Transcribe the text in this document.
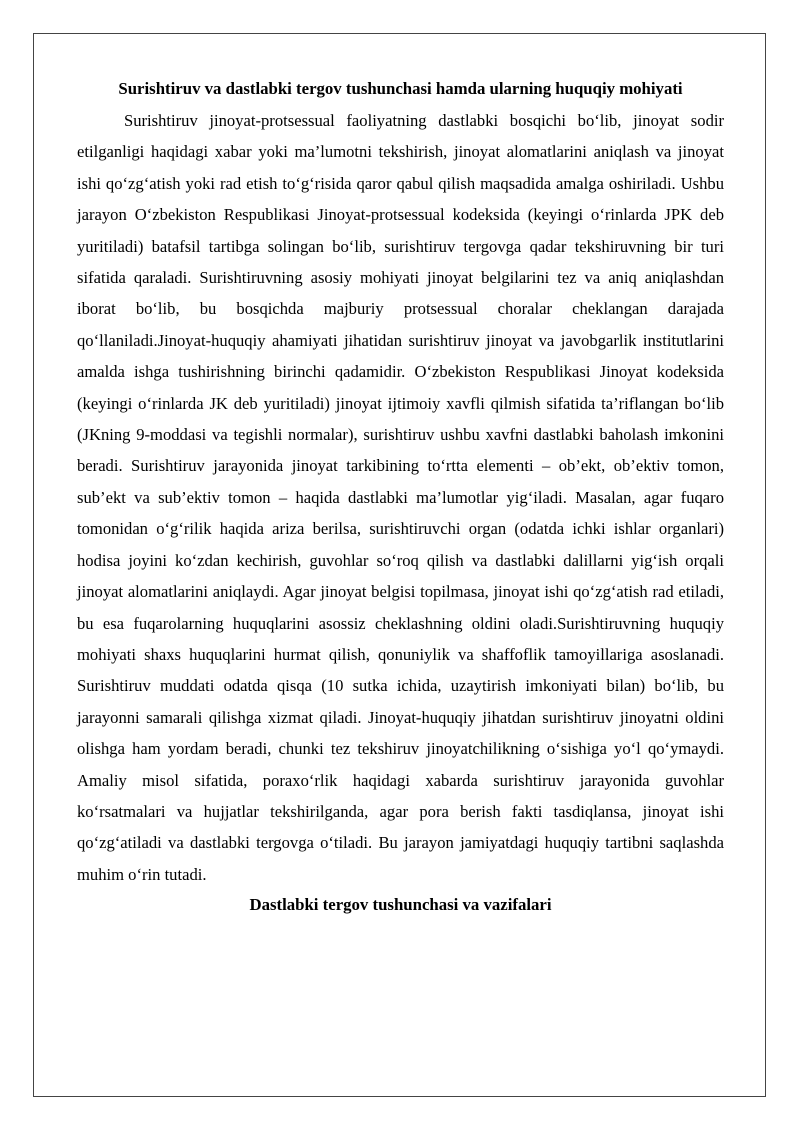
Surishtiruv va dastlabki tergov tushunchasi hamda ularning huquqiy mohiyati

Surishtiruv jinoyat-protsessual faoliyatning dastlabki bosqichi bo‘lib, jinoyat sodir etilganligi haqidagi xabar yoki ma’lumotni tekshirish, jinoyat alomatlarini aniqlash va jinoyat ishi qo‘zg‘atish yoki rad etish to‘g‘risida qaror qabul qilish maqsadida amalga oshiriladi. Ushbu jarayon O‘zbekiston Respublikasi Jinoyat-protsessual kodeksida (keyingi o‘rinlarda JPK deb yuritiladi) batafsil tartibga solingan bo‘lib, surishtiruv tergovga qadar tekshiruvning bir turi sifatida qaraladi. Surishtiruvning asosiy mohiyati jinoyat belgilarini tez va aniq aniqlashdan iborat bo‘lib, bu bosqichda majburiy protsessual choralar cheklangan darajada qo‘llaniladi.Jinoyat-huquqiy ahamiyati jihatidan surishtiruv jinoyat va javobgarlik institutlarini amalda ishga tushirishning birinchi qadamidir. O‘zbekiston Respublikasi Jinoyat kodeksida (keyingi o‘rinlarda JK deb yuritiladi) jinoyat ijtimoiy xavfli qilmish sifatida ta’riflangan bo‘lib (JKning 9-moddasi va tegishli normalar), surishtiruv ushbu xavfni dastlabki baholash imkonini beradi. Surishtiruv jarayonida jinoyat tarkibining to‘rtta elementi – ob’ekt, ob’ektiv tomon, sub’ekt va sub’ektiv tomon – haqida dastlabki ma’lumotlar yig‘iladi. Masalan, agar fuqaro tomonidan o‘g‘rilik haqida ariza berilsa, surishtiruvchi organ (odatda ichki ishlar organlari) hodisa joyini ko‘zdan kechirish, guvohlar so‘roq qilish va dastlabki dalillarni yig‘ish orqali jinoyat alomatlarini aniqlaydi. Agar jinoyat belgisi topilmasa, jinoyat ishi qo‘zg‘atish rad etiladi, bu esa fuqarolarning huquqlarini asossiz cheklashning oldini oladi.Surishtiruvning huquqiy mohiyati shaxs huquqlarini hurmat qilish, qonuniylik va shaffoflik tamoyillariga asoslanadi. Surishtiruv muddati odatda qisqa (10 sutka ichida, uzaytirish imkoniyati bilan) bo‘lib, bu jarayonni samarali qilishga xizmat qiladi. Jinoyat-huquqiy jihatdan surishtiruv jinoyatni oldini olishga ham yordam beradi, chunki tez tekshiruv jinoyatchilikning o‘sishiga yo‘l qo‘ymaydi. Amaliy misol sifatida, poraxo‘rlik haqidagi xabarda surishtiruv jarayonida guvohlar ko‘rsatmalari va hujjatlar tekshirilganda, agar pora berish fakti tasdiqlansa, jinoyat ishi qo‘zg‘atiladi va dastlabki tergovga o‘tiladi. Bu jarayon jamiyatdagi huquqiy tartibni saqlashda muhim o‘rin tutadi.

Dastlabki tergov tushunchasi va vazifalari
